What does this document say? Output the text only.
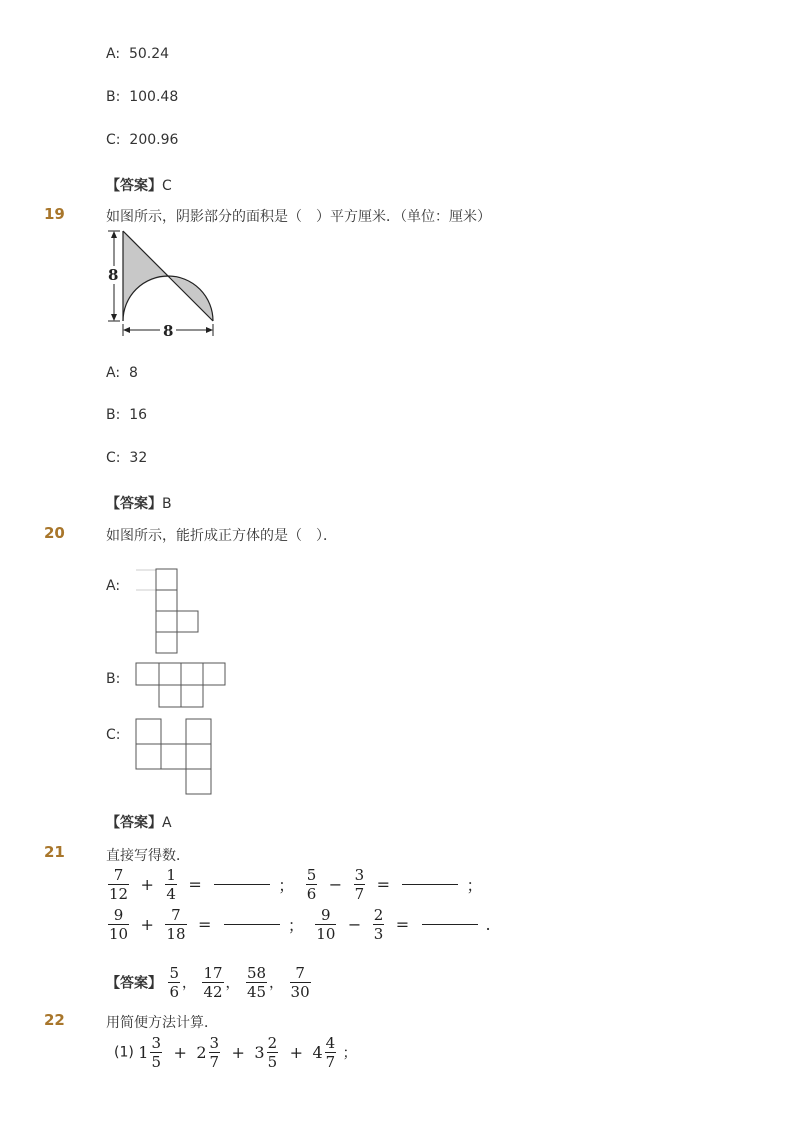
A: 50.24
B: 100.48
C: 200.96
【答案】C
19	如图所示，阴影部分的面积是（　）平方厘米．（单位：厘米）
8
8
A: 8
B: 16
C: 32
【答案】B
20	如图所示，能折成正方体的是（　）．
A:
B:
C:
【答案】A
21	直接写得数．
$\frac{7}{12} + \frac{1}{4}$ =	； $\frac{5}{6} - \frac{3}{7}$ =	；
$\frac{9}{10} + \frac{7}{18}$ =	； $\frac{9}{10} - \frac{2}{3}$ =	.
【答案】 $\frac{5}{6}$ ， $\frac{17}{42}$ ， $\frac{58}{45}$ ， $\frac{7}{30}$
22	用简便方法计算．
(1) $1 \frac{3}{5} + 2 \frac{3}{7} + 3 \frac{2}{5} + 4 \frac{4}{7}$ ；
